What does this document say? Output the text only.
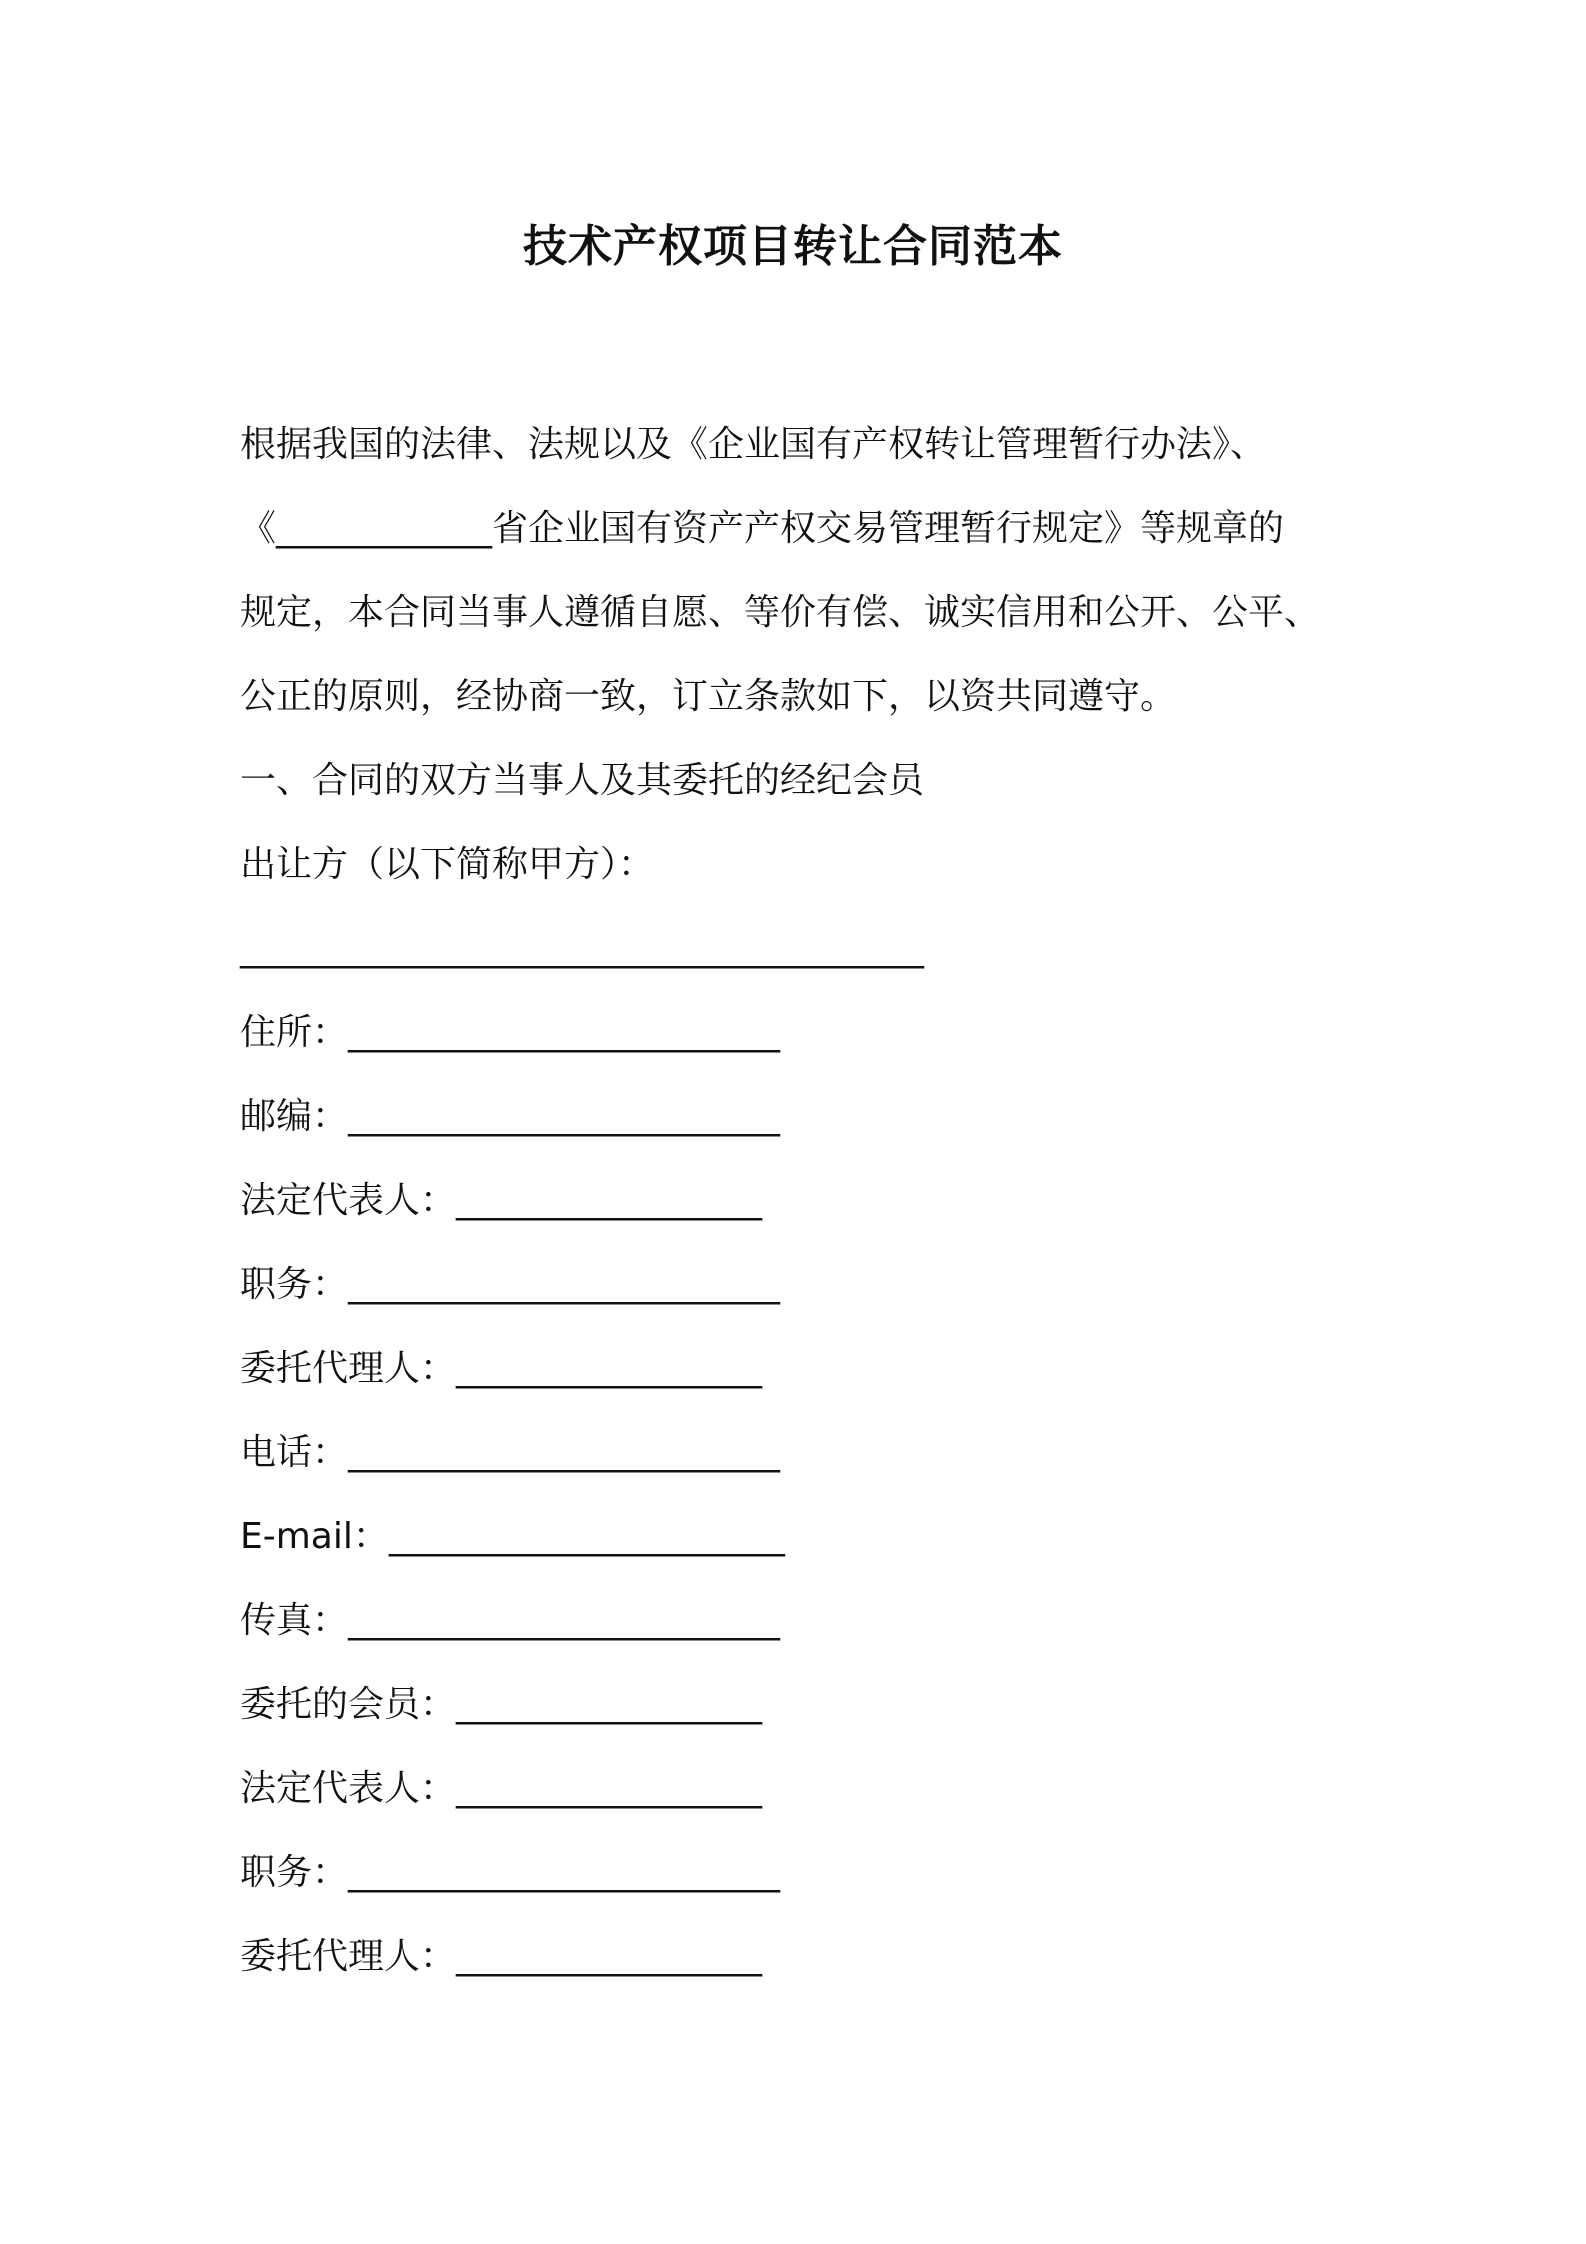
技术产权项目转让合同范本
根据我国的法律、法规以及《企业国有产权转让管理暂行办法》、
《____________省企业国有资产产权交易管理暂行规定》等规章的
规定，本合同当事人遵循自愿、等价有偿、诚实信用和公开、公平、
公正的原则，经协商一致，订立条款如下，以资共同遵守。
一、合同的双方当事人及其委托的经纪会员
出让方（以下简称甲方）：
______________________________________
住所：________________________
邮编：________________________
法定代表人：_________________
职务：________________________
委托代理人：_________________
电话：________________________
E-mail：______________________
传真：________________________
委托的会员：_________________
法定代表人：_________________
职务：________________________
委托代理人：_________________
